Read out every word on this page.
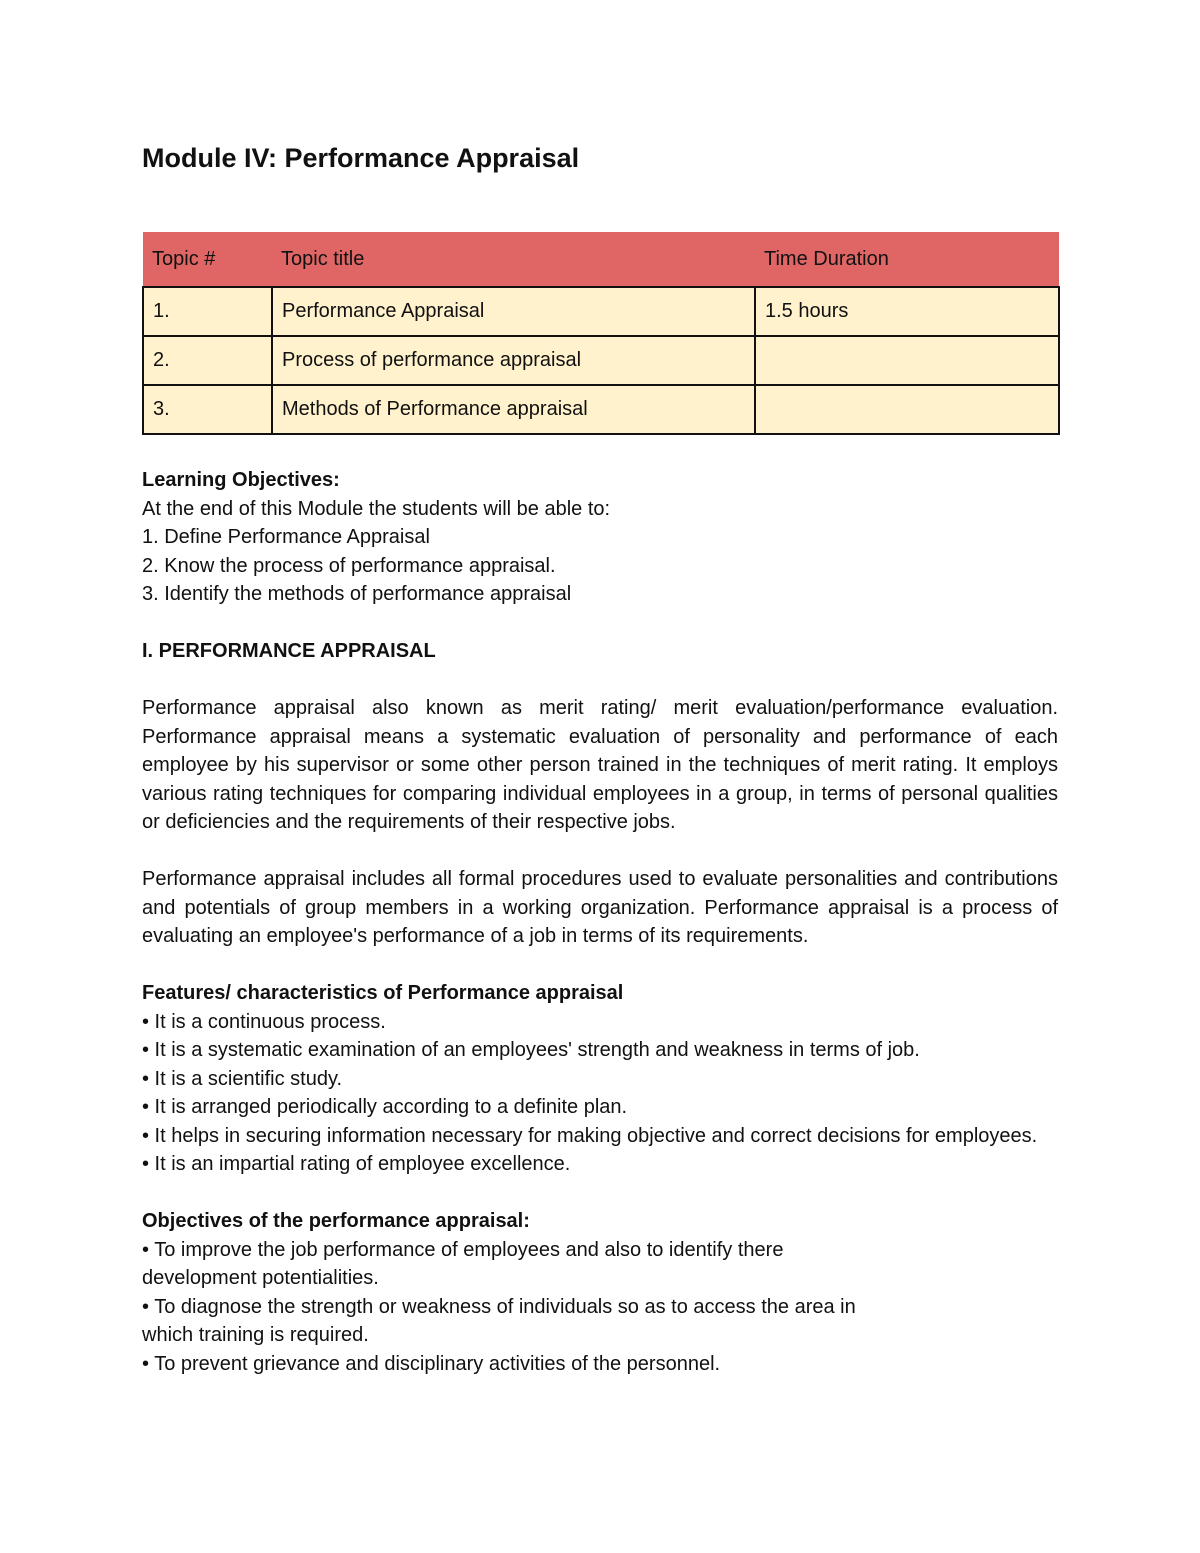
Module IV: Performance Appraisal
Topic #	Topic title	Time Duration
1.	Performance Appraisal	1.5 hours
2.	Process of performance appraisal	
3.	Methods of Performance appraisal	

Learning Objectives:

At the end of this Module the students will be able to:

1. Define Performance Appraisal

2. Know the process of performance appraisal.

3. Identify the methods of performance appraisal

I. PERFORMANCE APPRAISAL

Performance appraisal also known as merit rating/ merit evaluation/performance evaluation. Performance appraisal means a systematic evaluation of personality and performance of each employee by his supervisor or some other person trained in the techniques of merit rating. It employs various rating techniques for comparing individual employees in a group, in terms of personal qualities or deficiencies and the requirements of their respective jobs.

Performance appraisal includes all formal procedures used to evaluate personalities and contributions and potentials of group members in a working organization. Performance appraisal is a process of evaluating an employee's performance of a job in terms of its requirements.

Features/ characteristics of Performance appraisal

• It is a continuous process.

• It is a systematic examination of an employees' strength and weakness in terms of job.

• It is a scientific study.

• It is arranged periodically according to a definite plan.

• It helps in securing information necessary for making objective and correct decisions for employees.

• It is an impartial rating of employee excellence.

Objectives of the performance appraisal:

• To improve the job performance of employees and also to identify there

development potentialities.

• To diagnose the strength or weakness of individuals so as to access the area in

which training is required.

• To prevent grievance and disciplinary activities of the personnel.
